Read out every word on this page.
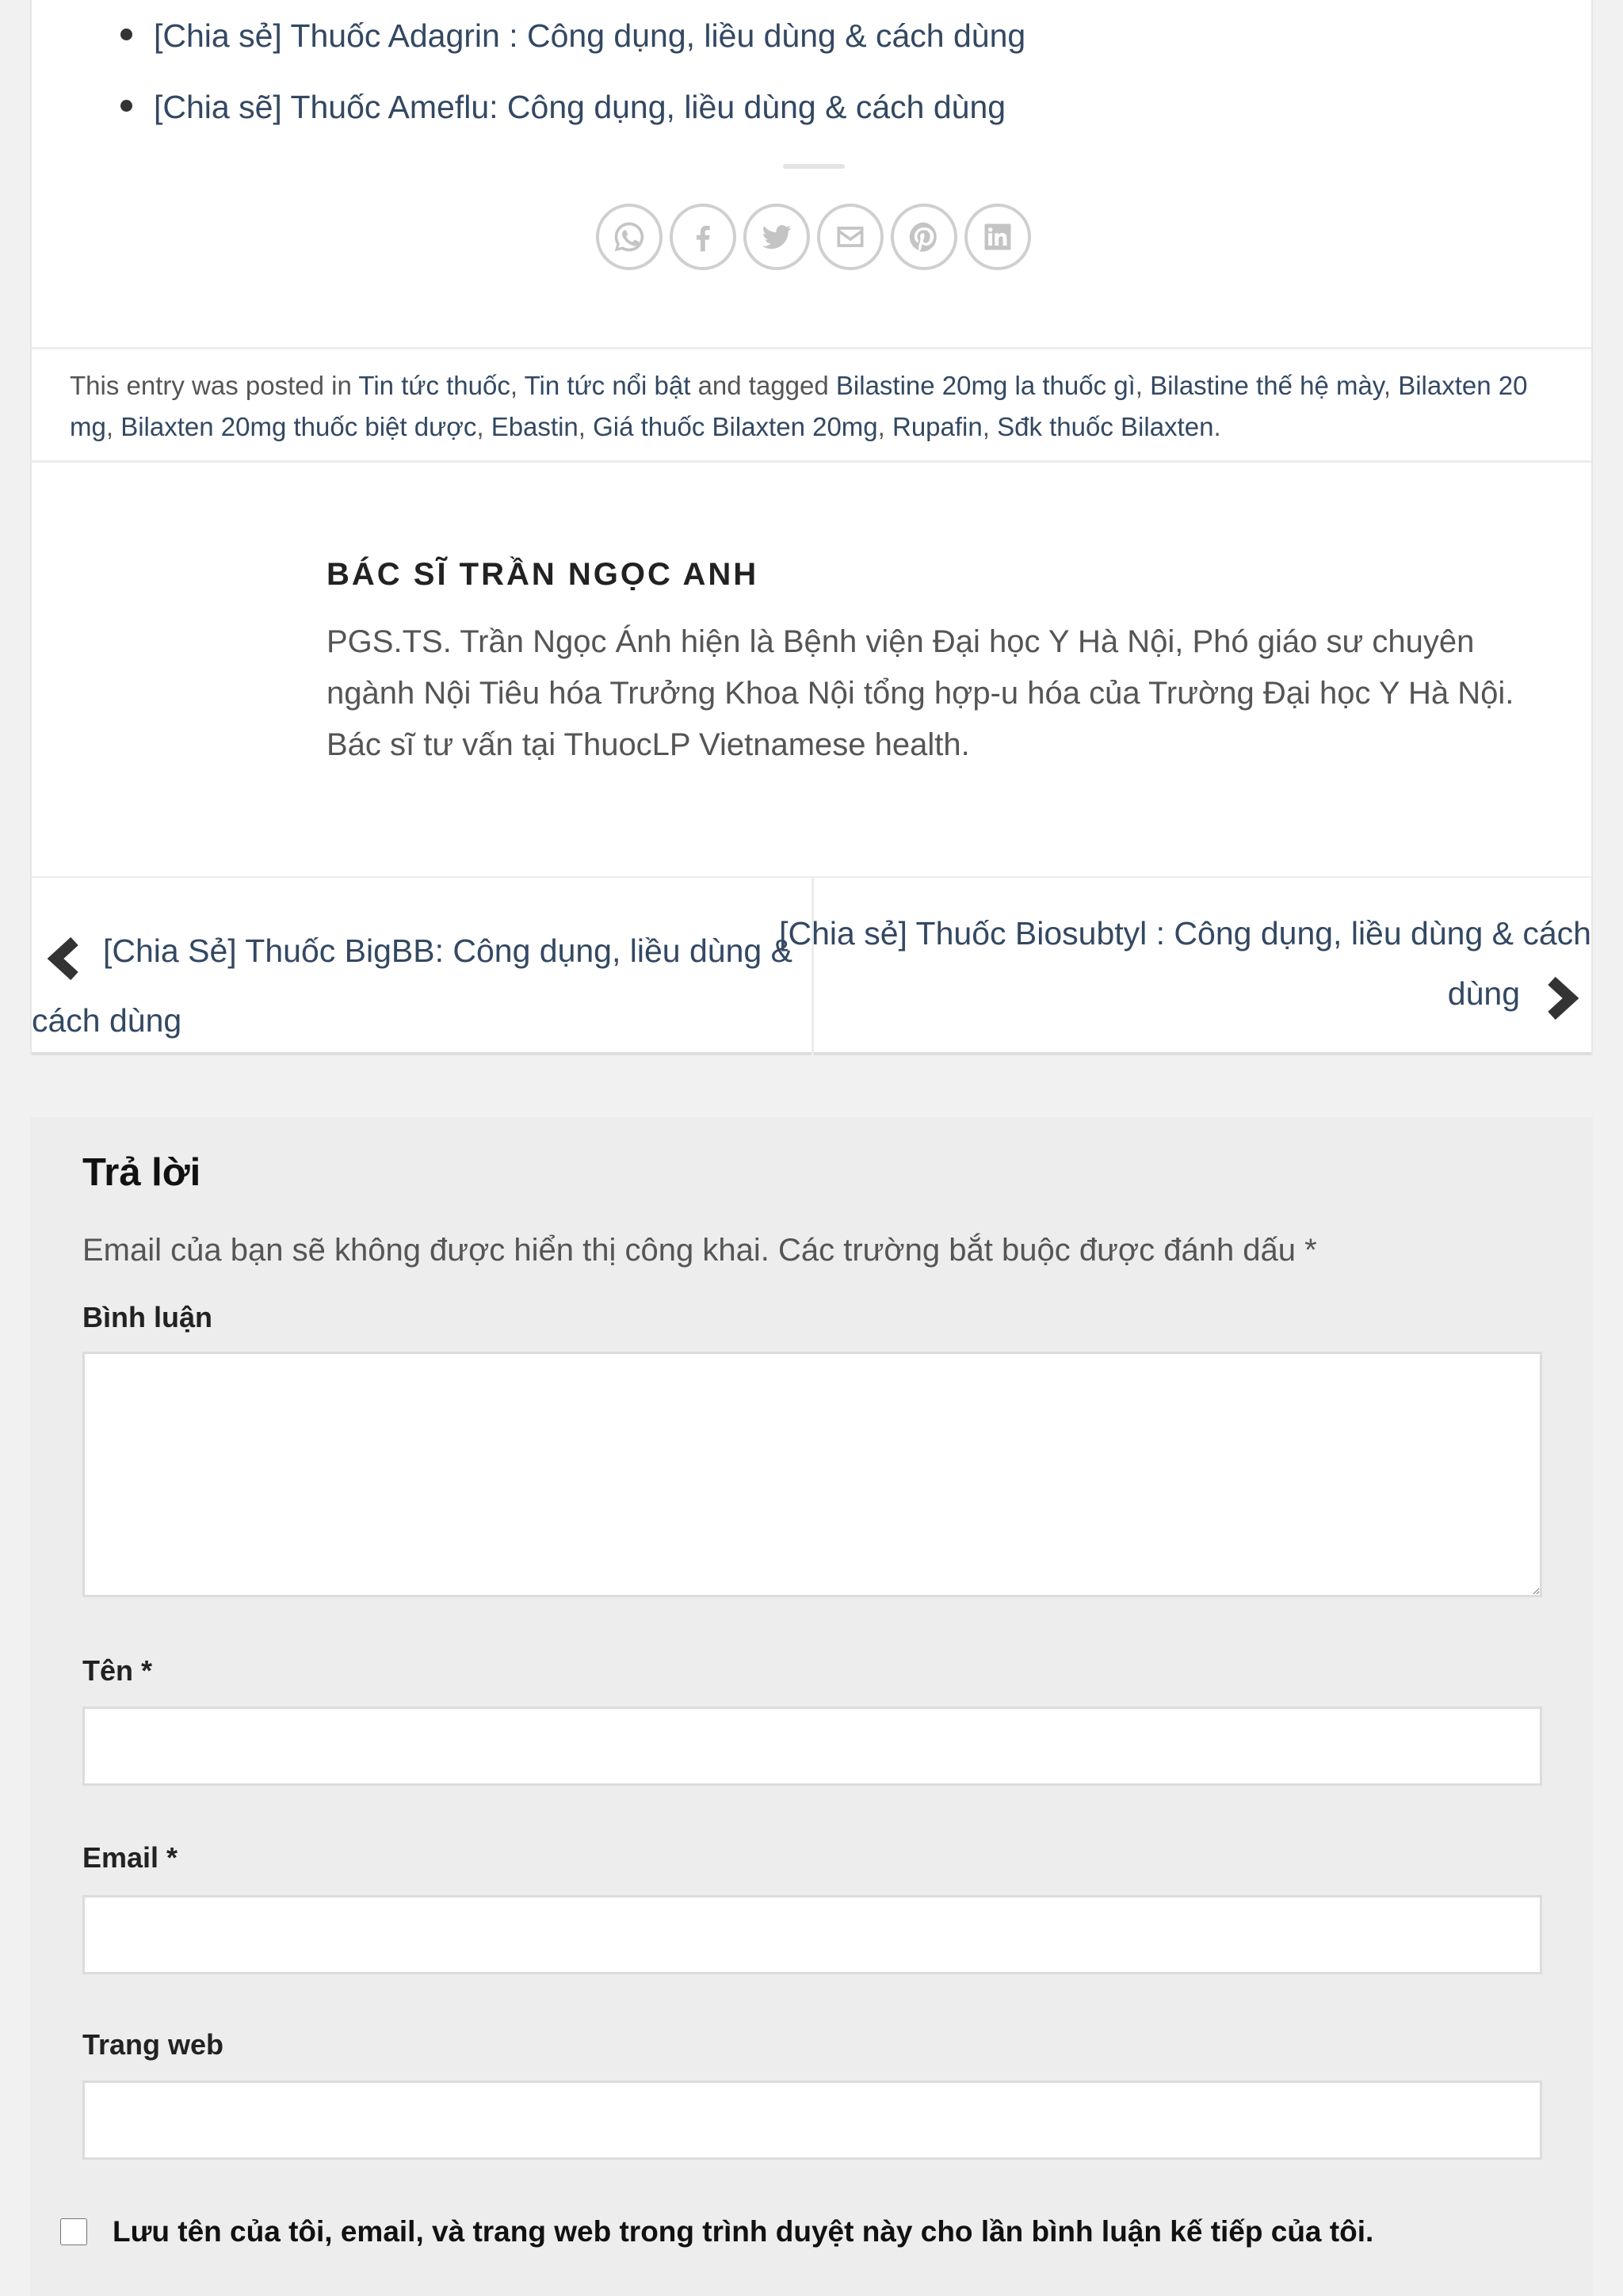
[Chia sẻ] Thuốc Adagrin : Công dụng, liều dùng & cách dùng
[Chia sẽ] Thuốc Ameflu: Công dụng, liều dùng & cách dùng
This entry was posted in Tin tức thuốc, Tin tức nổi bật and tagged Bilastine 20mg la thuốc gì, Bilastine thế hệ mày, Bilaxten 20 mg, Bilaxten 20mg thuốc biệt dược, Ebastin, Giá thuốc Bilaxten 20mg, Rupafin, Sđk thuốc Bilaxten.
BÁC SĨ TRẦN NGỌC ANH

PGS.TS. Trần Ngọc Ánh hiện là Bệnh viện Đại học Y Hà Nội, Phó giáo sư chuyên ngành Nội Tiêu hóa Trưởng Khoa Nội tổng hợp-u hóa của Trường Đại học Y Hà Nội. Bác sĩ tư vấn tại ThuocLP Vietnamese health.

[Chia Sẻ] Thuốc BigBB: Công dụng, liều dùng &
cách dùng
[Chia sẻ] Thuốc Biosubtyl : Công dụng, liều dùng & cách
dùng
Trả lời

Email của bạn sẽ không được hiển thị công khai. Các trường bắt buộc được đánh dấu *

Bình luận
Tên *
Email *
Trang web
Lưu tên của tôi, email, và trang web trong trình duyệt này cho lần bình luận kế tiếp của tôi.
